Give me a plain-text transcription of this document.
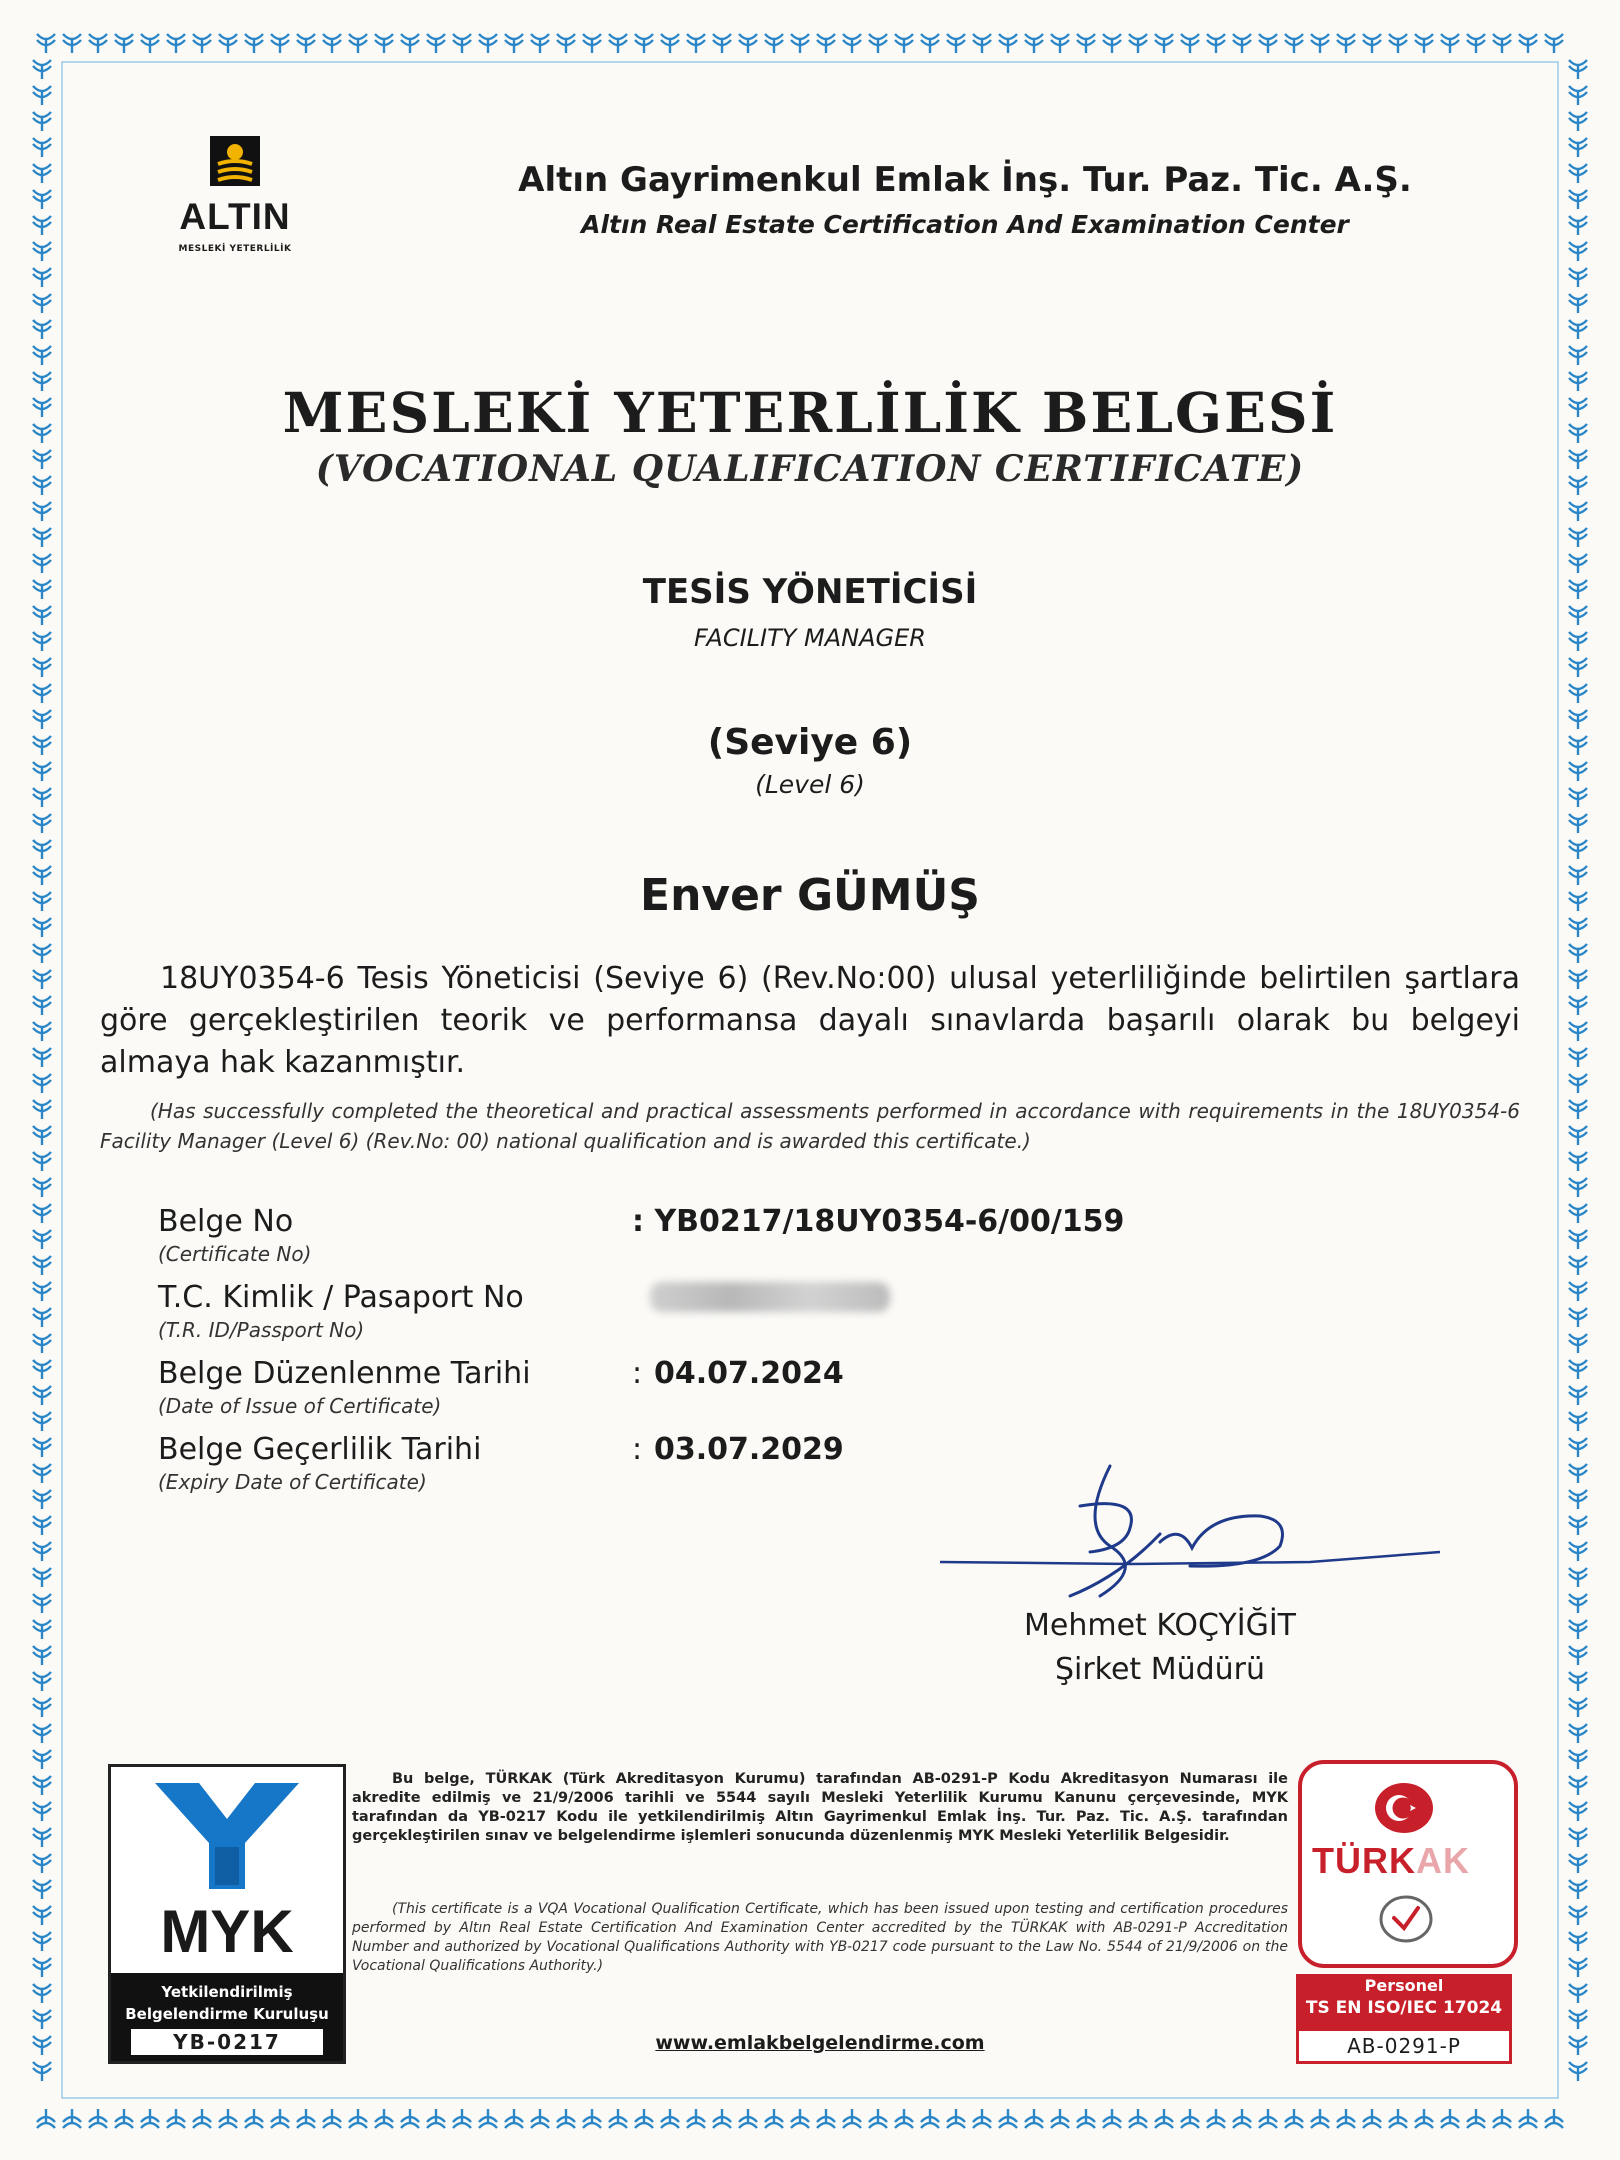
ALTIN
MESLEKİ YETERLİLİK
Altın Gayrimenkul Emlak İnş. Tur. Paz. Tic. A.Ş.
Altın Real Estate Certification And Examination Center
MESLEKİ YETERLİLİK BELGESİ
(VOCATIONAL QUALIFICATION CERTIFICATE)
TESİS YÖNETİCİSİ
FACILITY MANAGER
(Seviye 6)
(Level 6)
Enver GÜMÜŞ
18UY0354-6 Tesis Yöneticisi (Seviye 6) (Rev.No:00) ulusal yeterliliğinde belirtilen şartlara göre gerçekleştirilen teorik ve performansa dayalı sınavlarda başarılı olarak bu belgeyi almaya hak kazanmıştır.
(Has successfully completed the theoretical and practical assessments performed in accordance with requirements in the 18UY0354-6 Facility Manager (Level 6) (Rev.No: 00) national qualification and is awarded this certificate.)
Belge No
(Certificate No)
: YB0217/18UY0354-6/00/159
T.C. Kimlik / Pasaport No
(T.R. ID/Passport No)
Belge Düzenlenme Tarihi
(Date of Issue of Certificate)
: 04.07.2024
Belge Geçerlilik Tarihi
(Expiry Date of Certificate)
: 03.07.2029
Mehmet KOÇYİĞİT
Şirket Müdürü
MYK
Yetkilendirilmiş
Belgelendirme Kuruluşu
YB-0217
Bu belge, TÜRKAK (Türk Akreditasyon Kurumu) tarafından AB-0291-P Kodu Akreditasyon Numarası ile akredite edilmiş ve 21/9/2006 tarihli ve 5544 sayılı Mesleki Yeterlilik Kurumu Kanunu çerçevesinde, MYK tarafından da YB-0217 Kodu ile yetkilendirilmiş Altın Gayrimenkul Emlak İnş. Tur. Paz. Tic. A.Ş. tarafından gerçekleştirilen sınav ve belgelendirme işlemleri sonucunda düzenlenmiş MYK Mesleki Yeterlilik Belgesidir.
(This certificate is a VQA Vocational Qualification Certificate, which has been issued upon testing and certification procedures performed by Altın Real Estate Certification And Examination Center accredited by the TÜRKAK with AB-0291-P Accreditation Number and authorized by Vocational Qualifications Authority with YB-0217 code pursuant to the Law No. 5544 of 21/9/2006 on the Vocational Qualifications Authority.)
www.emlakbelgelendirme.com
TÜRKAK
Personel
TS EN ISO/IEC 17024
AB-0291-P
